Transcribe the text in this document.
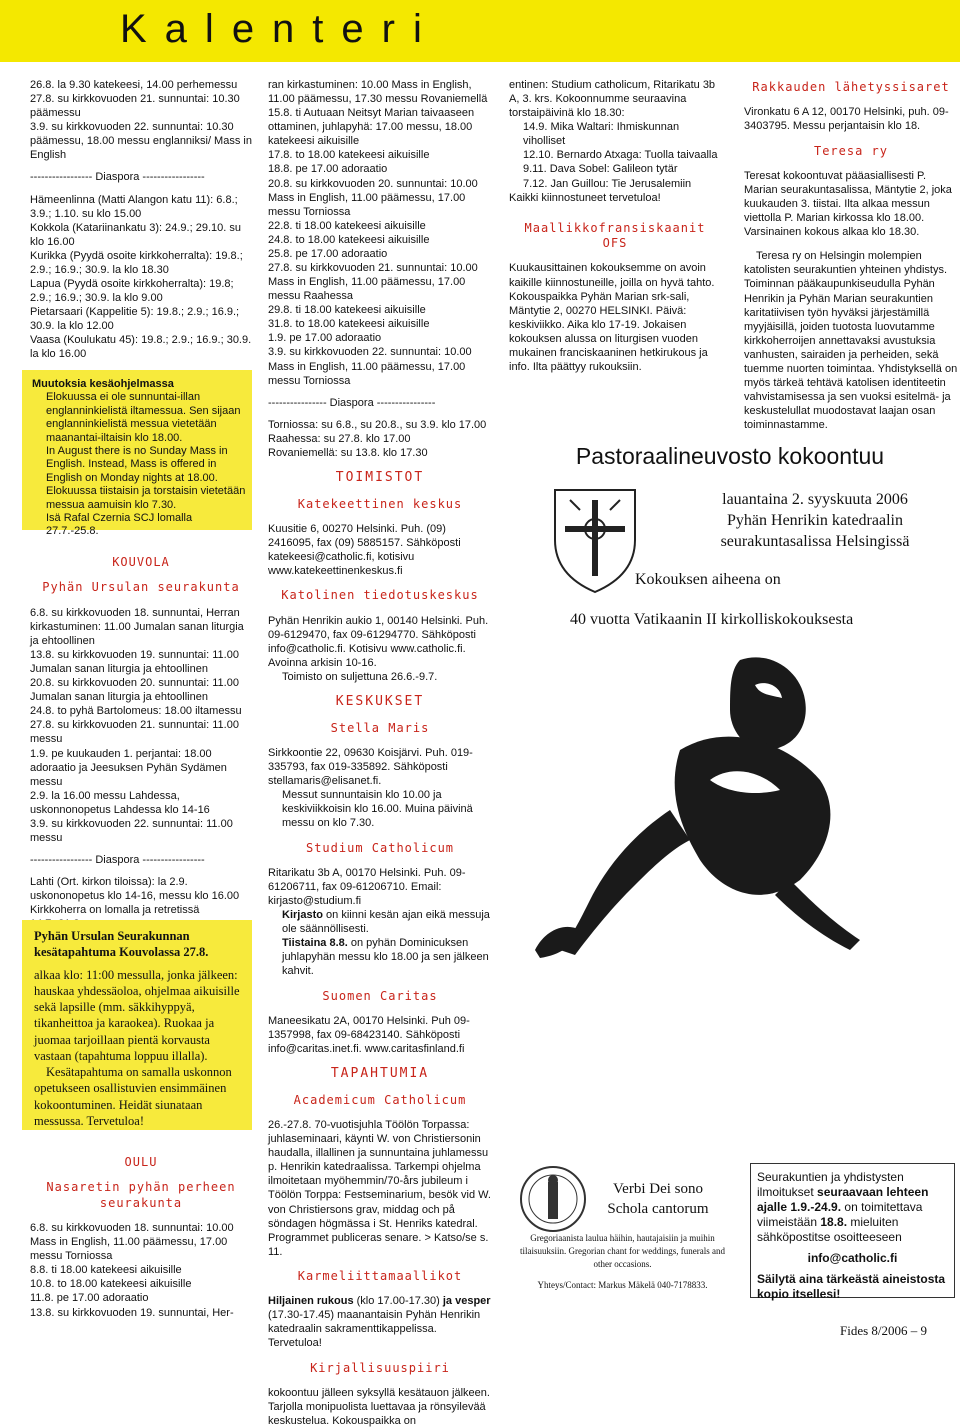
Kalenteri
26.8. la 9.30 katekeesi, 14.00 perhemessu
27.8. su kirkkovuoden 21. sunnuntai: 10.30 päämessu
3.9. su kirkkovuoden 22. sunnuntai: 10.30 päämessu, 18.00 messu englanniksi/ Mass in English
----------------- Diaspora -----------------
Hämeenlinna (Matti Alangon katu 11): 6.8.; 3.9.; 1.10. su klo 15.00
Kokkola (Katariinankatu 3): 24.9.; 29.10. su klo 16.00
Kurikka (Pyydä osoite kirkkoherralta): 19.8.; 2.9.; 16.9.; 30.9. la klo 18.30
Lapua (Pyydä osoite kirkkoherralta): 19.8; 2.9.; 16.9.; 30.9. la klo 9.00
Pietarsaari (Kappelitie 5): 19.8.; 2.9.; 16.9.; 30.9. la klo 12.00
Vaasa (Koulukatu 45): 19.8.; 2.9.; 16.9.; 30.9. la klo 16.00
Muutoksia kesäohjelmassa
Elokuussa ei ole sunnuntai-illan englanninkielistä iltamessua. Sen sijaan englanninkielistä messua vietetään maanantai-iltaisin klo 18.00.
In August there is no Sunday Mass in English. Instead, Mass is offered in English on Monday nights at 18.00.
Elokuussa tiistaisin ja torstaisin vietetään messua aamuisin klo 7.30.
Isä Rafal Czernia SCJ lomalla 27.7.-25.8.
KOUVOLA
Pyhän Ursulan seurakunta
6.8. su kirkkovuoden 18. sunnuntai, Herran kirkastuminen: 11.00 Jumalan sanan liturgia ja ehtoollinen
13.8. su kirkkovuoden 19. sunnuntai: 11.00 Jumalan sanan liturgia ja ehtoollinen
20.8. su kirkkovuoden 20. sunnuntai: 11.00 Jumalan sanan liturgia ja ehtoollinen
24.8. to pyhä Bartolomeus: 18.00 iltamessu
27.8. su kirkkovuoden 21. sunnuntai: 11.00 messu
1.9. pe kuukauden 1. perjantai: 18.00 adoraatio ja Jeesuksen Pyhän Sydämen messu
2.9. la 16.00 messu Lahdessa, uskonnonopetus Lahdessa klo 14-16
3.9. su kirkkovuoden 22. sunnuntai: 11.00 messu
----------------- Diaspora -----------------
Lahti (Ort. kirkon tiloissa): la 2.9. uskononopetus klo 14-16, messu klo 16.00
Kirkkoherra on lomalla ja retretissä
Pyhän Ursulan Seurakunnan kesätapahtuma Kouvolassa 27.8.
alkaa klo: 11:00 messulla, jonka jälkeen: hauskaa yhdessäoloa, ohjelmaa aikuisille sekä lapsille (mm. säkkihyppyä, tikanheittoa ja karaokea). Ruokaa ja juomaa tarjoillaan pientä korvausta vastaan (tapahtuma loppuu illalla).
Kesätapahtuma on samalla uskonnon opetukseen osallistuvien ensimmäinen kokoontuminen. Heidät siunataan messussa. Tervetuloa!
OULU
Nasaretin pyhän perheen seurakunta
6.8. su kirkkovuoden 18. sunnuntai: 10.00 Mass in English, 11.00 päämessu, 17.00 messu Torniossa
8.8. ti 18.00 katekeesi aikuisille
10.8. to 18.00 katekeesi aikuisille
11.8. pe 17.00 adoraatio
13.8. su kirkkovuoden 19. sunnuntai, Her-
ran kirkastuminen: 10.00 Mass in English, 11.00 päämessu, 17.30 messu Rovaniemellä
15.8. ti Autuaan Neitsyt Marian taivaaseen ottaminen, juhlapyhä: 17.00 messu, 18.00 katekeesi aikuisille
17.8. to 18.00 katekeesi aikuisille
18.8. pe 17.00 adoraatio
20.8. su kirkkovuoden 20. sunnuntai: 10.00 Mass in English, 11.00 päämessu, 17.00 messu Torniossa
22.8. ti 18.00 katekeesi aikuisille
24.8. to 18.00 katekeesi aikuisille
25.8. pe 17.00 adoraatio
27.8. su kirkkovuoden 21. sunnuntai: 10.00 Mass in English, 11.00 päämessu, 17.00 messu Raahessa
29.8. ti 18.00 katekeesi aikuisille
31.8. to 18.00 katekeesi aikuisille
1.9. pe 17.00 adoraatio
3.9. su kirkkovuoden 22. sunnuntai: 10.00 Mass in English, 11.00 päämessu, 17.00 messu Torniossa
---------------- Diaspora ----------------
Torniossa: su 6.8., su 20.8., su 3.9. klo 17.00
Raahessa: su 27.8. klo 17.00
Rovaniemellä: su 13.8. klo 17.30
TOIMISTOT
Katekeettinen keskus
Kuusitie 6, 00270 Helsinki. Puh. (09) 2416095, fax (09) 5885157. Sähköposti katekeesi@catholic.fi, kotisivu www.katekeettinenkeskus.fi
Katolinen tiedotuskeskus
Pyhän Henrikin aukio 1, 00140 Helsinki. Puh. 09-6129470, fax 09-61294770. Sähköposti info@catholic.fi. Kotisivu www.catholic.fi. Avoinna arkisin 10-16.
Toimisto on suljettuna 26.6.-9.7.
KESKUKSET
Stella Maris
Sirkkoontie 22, 09630 Koisjärvi. Puh. 019-335793, fax 019-335892. Sähköposti stellamaris@elisanet.fi.
Messut sunnuntaisin klo 10.00 ja keskiviikkoisin klo 16.00. Muina päivinä messu on klo 7.30.
Studium Catholicum
Ritarikatu 3b A, 00170 Helsinki. Puh. 09-61206711, fax 09-61206710. Email: kirjasto@studium.fi
Kirjasto on kiinni kesän ajan eikä messuja ole säännöllisesti.
Tiistaina 8.8. on pyhän Dominicuksen juhlapyhän messu klo 18.00 ja sen jälkeen kahvit.
Suomen Caritas
Maneesikatu 2A, 00170 Helsinki. Puh 09-1357998, fax 09-68423140. Sähköposti info@caritas.inet.fi. www.caritasfinland.fi
TAPAHTUMIA
Academicum Catholicum
26.-27.8. 70-vuotisjuhla Töölön Torpassa: juhlaseminaari, käynti W. von Christiersonin haudalla, illallinen ja sunnuntaina juhlamessu p. Henrikin katedraalissa. Tarkempi ohjelma ilmoitetaan myöhemmin/70-års jubileum i Töölön Torppa: Festseminarium, besök vid W. von Christiersons grav, middag och på söndagen högmässa i St. Henriks katedral. Programmet publiceras senare. > Katso/se s. 11.
Karmeliittamaallikot
Hiljainen rukous (klo 17.00-17.30) ja vesper (17.30-17.45) maanantaisin Pyhän Henrikin katedraalin sakramenttikappelissa. Tervetuloa!
Kirjallisuuspiiri
kokoontuu jälleen syksyllä kesätauon jälkeen. Tarjolla monipuolista luettavaa ja rönsyilevää keskustelua. Kokouspaikka on
entinen: Studium catholicum, Ritarikatu 3b A, 3. krs. Kokoonnumme seuraavina torstaipäivinä klo 18.30:
14.9. Mika Waltari: Ihmiskunnan viholliset
12.10. Bernardo Atxaga: Tuolla taivaalla
9.11. Dava Sobel: Galileon tytär
7.12. Jan Guillou: Tie Jerusalemiin
Kaikki kiinnostuneet tervetuloa!
Maallikkofransiskaanit OFS
Kuukausittainen kokouksemme on avoin kaikille kiinnostuneille, joilla on hyvä tahto. Kokouspaikka Pyhän Marian srk-sali, Mäntytie 2, 00270 HELSINKI. Päivä: keskiviikko. Aika klo 17-19. Jokaisen kokouksen alussa on liturgisen vuoden mukainen franciskaaninen hetkirukous ja info. Ilta päättyy rukouksiin.
Rakkauden lähetyssisaret
Vironkatu 6 A 12, 00170 Helsinki, puh. 09-3403795. Messu perjantaisin klo 18.
Teresa ry
Teresat kokoontuvat pääasiallisesti P. Marian seurakuntasalissa, Mäntytie 2, joka kuukauden 3. tiistai. Ilta alkaa messun viettolla P. Marian kirkossa klo 18.00. Varsinainen kokous alkaa klo 18.30.
Teresa ry on Helsingin molempien katolisten seurakuntien yhteinen yhdistys. Toiminnan pääkaupunkiseudulla Pyhän Henrikin ja Pyhän Marian seurakuntien karitatiivisen työn hyväksi järjestämillä myyjäisillä, joiden tuotosta luovutamme kirkkoherroijen annettavaksi avustuksia vanhusten, sairaiden ja perheiden, sekä tuemme nuorten toimintaa. Yhdistyksellä on myös tärkeä tehtävä katolisen identiteetin vahvistamisessa ja sen vuoksi esitelmä- ja keskustelullat muodostavat laajan osan toiminnastamme.
Pastoraalineuvosto kokoontuu
lauantaina 2. syyskuuta 2006
Pyhän Henrikin katedraalin
seurakuntasalissa Helsingissä
Kokouksen aiheena on
40 vuotta Vatikaanin II kirkolliskokouksesta
Verbi Dei sono
Schola cantorum
Gregoriaanista laulua häihin, hautajaisiin ja muihin tilaisuuksiin. Gregorian chant for weddings, funerals and other occasions.
Yhteys/Contact: Markus Mäkelä 040-7178833.
Seurakuntien ja yhdistysten ilmoitukset seuraavaan lehteen ajalle 1.9.-24.9. on toimitettava viimeistään 18.8. mieluiten sähköpostitse osoitteeseen
info@catholic.fi
Säilytä aina tärkeästä aineistosta kopio itsellesi!
Fides 8/2006 – 9
